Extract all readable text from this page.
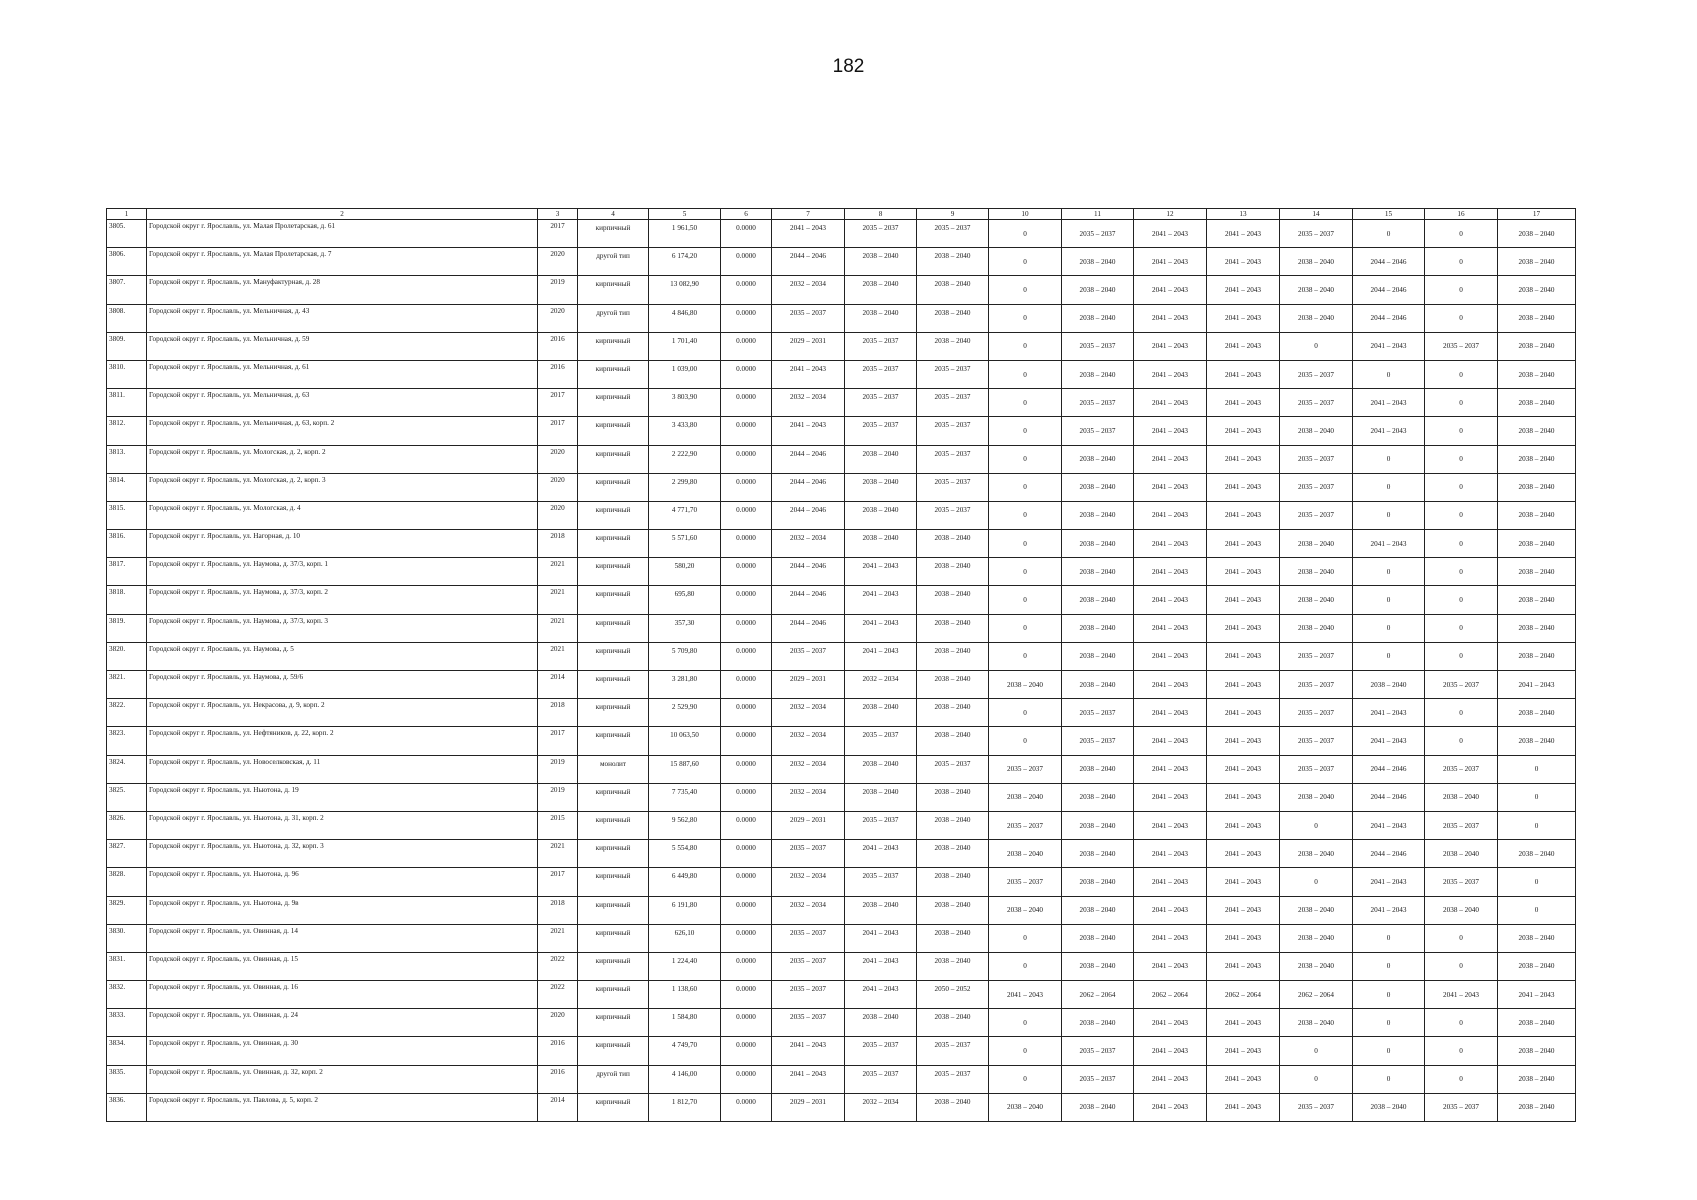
182
1	2	3	4	5	6	7	8	9	10	11	12	13	14	15	16	17
3805.	Городской округ г. Ярославль, ул. Малая Пролетарская, д. 61	2017	кирпичный	1 961,50	0.0000	2041 – 2043	2035 – 2037	2035 – 2037	0	2035 – 2037	2041 – 2043	2041 – 2043	2035 – 2037	0	0	2038 – 2040
3806.	Городской округ г. Ярославль, ул. Малая Пролетарская, д. 7	2020	другой тип	6 174,20	0.0000	2044 – 2046	2038 – 2040	2038 – 2040	0	2038 – 2040	2041 – 2043	2041 – 2043	2038 – 2040	2044 – 2046	0	2038 – 2040
3807.	Городской округ г. Ярославль, ул. Мануфактурная, д. 28	2019	кирпичный	13 082,90	0.0000	2032 – 2034	2038 – 2040	2038 – 2040	0	2038 – 2040	2041 – 2043	2041 – 2043	2038 – 2040	2044 – 2046	0	2038 – 2040
3808.	Городской округ г. Ярославль, ул. Мельничная, д. 43	2020	другой тип	4 846,80	0.0000	2035 – 2037	2038 – 2040	2038 – 2040	0	2038 – 2040	2041 – 2043	2041 – 2043	2038 – 2040	2044 – 2046	0	2038 – 2040
3809.	Городской округ г. Ярославль, ул. Мельничная, д. 59	2016	кирпичный	1 701,40	0.0000	2029 – 2031	2035 – 2037	2038 – 2040	0	2035 – 2037	2041 – 2043	2041 – 2043	0	2041 – 2043	2035 – 2037	2038 – 2040
3810.	Городской округ г. Ярославль, ул. Мельничная, д. 61	2016	кирпичный	1 039,00	0.0000	2041 – 2043	2035 – 2037	2035 – 2037	0	2038 – 2040	2041 – 2043	2041 – 2043	2035 – 2037	0	0	2038 – 2040
3811.	Городской округ г. Ярославль, ул. Мельничная, д. 63	2017	кирпичный	3 803,90	0.0000	2032 – 2034	2035 – 2037	2035 – 2037	0	2035 – 2037	2041 – 2043	2041 – 2043	2035 – 2037	2041 – 2043	0	2038 – 2040
3812.	Городской округ г. Ярославль, ул. Мельничная, д. 63, корп. 2	2017	кирпичный	3 433,80	0.0000	2041 – 2043	2035 – 2037	2035 – 2037	0	2035 – 2037	2041 – 2043	2041 – 2043	2038 – 2040	2041 – 2043	0	2038 – 2040
3813.	Городской округ г. Ярославль, ул. Мологская, д. 2, корп. 2	2020	кирпичный	2 222,90	0.0000	2044 – 2046	2038 – 2040	2035 – 2037	0	2038 – 2040	2041 – 2043	2041 – 2043	2035 – 2037	0	0	2038 – 2040
3814.	Городской округ г. Ярославль, ул. Мологская, д. 2, корп. 3	2020	кирпичный	2 299,80	0.0000	2044 – 2046	2038 – 2040	2035 – 2037	0	2038 – 2040	2041 – 2043	2041 – 2043	2035 – 2037	0	0	2038 – 2040
3815.	Городской округ г. Ярославль, ул. Мологская, д. 4	2020	кирпичный	4 771,70	0.0000	2044 – 2046	2038 – 2040	2035 – 2037	0	2038 – 2040	2041 – 2043	2041 – 2043	2035 – 2037	0	0	2038 – 2040
3816.	Городской округ г. Ярославль, ул. Нагорная, д. 10	2018	кирпичный	5 571,60	0.0000	2032 – 2034	2038 – 2040	2038 – 2040	0	2038 – 2040	2041 – 2043	2041 – 2043	2038 – 2040	2041 – 2043	0	2038 – 2040
3817.	Городской округ г. Ярославль, ул. Наумова, д. 37/3, корп. 1	2021	кирпичный	580,20	0.0000	2044 – 2046	2041 – 2043	2038 – 2040	0	2038 – 2040	2041 – 2043	2041 – 2043	2038 – 2040	0	0	2038 – 2040
3818.	Городской округ г. Ярославль, ул. Наумова, д. 37/3, корп. 2	2021	кирпичный	695,80	0.0000	2044 – 2046	2041 – 2043	2038 – 2040	0	2038 – 2040	2041 – 2043	2041 – 2043	2038 – 2040	0	0	2038 – 2040
3819.	Городской округ г. Ярославль, ул. Наумова, д. 37/3, корп. 3	2021	кирпичный	357,30	0.0000	2044 – 2046	2041 – 2043	2038 – 2040	0	2038 – 2040	2041 – 2043	2041 – 2043	2038 – 2040	0	0	2038 – 2040
3820.	Городской округ г. Ярославль, ул. Наумова, д. 5	2021	кирпичный	5 709,80	0.0000	2035 – 2037	2041 – 2043	2038 – 2040	0	2038 – 2040	2041 – 2043	2041 – 2043	2035 – 2037	0	0	2038 – 2040
3821.	Городской округ г. Ярославль, ул. Наумова, д. 59/6	2014	кирпичный	3 281,80	0.0000	2029 – 2031	2032 – 2034	2038 – 2040	2038 – 2040	2038 – 2040	2041 – 2043	2041 – 2043	2035 – 2037	2038 – 2040	2035 – 2037	2041 – 2043
3822.	Городской округ г. Ярославль, ул. Некрасова, д. 9, корп. 2	2018	кирпичный	2 529,90	0.0000	2032 – 2034	2038 – 2040	2038 – 2040	0	2035 – 2037	2041 – 2043	2041 – 2043	2035 – 2037	2041 – 2043	0	2038 – 2040
3823.	Городской округ г. Ярославль, ул. Нефтяников, д. 22, корп. 2	2017	кирпичный	10 063,50	0.0000	2032 – 2034	2035 – 2037	2038 – 2040	0	2035 – 2037	2041 – 2043	2041 – 2043	2035 – 2037	2041 – 2043	0	2038 – 2040
3824.	Городской округ г. Ярославль, ул. Новоселковская, д. 11	2019	монолит	15 887,60	0.0000	2032 – 2034	2038 – 2040	2035 – 2037	2035 – 2037	2038 – 2040	2041 – 2043	2041 – 2043	2035 – 2037	2044 – 2046	2035 – 2037	0
3825.	Городской округ г. Ярославль, ул. Ньютона, д. 19	2019	кирпичный	7 735,40	0.0000	2032 – 2034	2038 – 2040	2038 – 2040	2038 – 2040	2038 – 2040	2041 – 2043	2041 – 2043	2038 – 2040	2044 – 2046	2038 – 2040	0
3826.	Городской округ г. Ярославль, ул. Ньютона, д. 31, корп. 2	2015	кирпичный	9 562,80	0.0000	2029 – 2031	2035 – 2037	2038 – 2040	2035 – 2037	2038 – 2040	2041 – 2043	2041 – 2043	0	2041 – 2043	2035 – 2037	0
3827.	Городской округ г. Ярославль, ул. Ньютона, д. 32, корп. 3	2021	кирпичный	5 554,80	0.0000	2035 – 2037	2041 – 2043	2038 – 2040	2038 – 2040	2038 – 2040	2041 – 2043	2041 – 2043	2038 – 2040	2044 – 2046	2038 – 2040	2038 – 2040
3828.	Городской округ г. Ярославль, ул. Ньютона, д. 96	2017	кирпичный	6 449,80	0.0000	2032 – 2034	2035 – 2037	2038 – 2040	2035 – 2037	2038 – 2040	2041 – 2043	2041 – 2043	0	2041 – 2043	2035 – 2037	0
3829.	Городской округ г. Ярославль, ул. Ньютона, д. 9в	2018	кирпичный	6 191,80	0.0000	2032 – 2034	2038 – 2040	2038 – 2040	2038 – 2040	2038 – 2040	2041 – 2043	2041 – 2043	2038 – 2040	2041 – 2043	2038 – 2040	0
3830.	Городской округ г. Ярославль, ул. Овинная, д. 14	2021	кирпичный	626,10	0.0000	2035 – 2037	2041 – 2043	2038 – 2040	0	2038 – 2040	2041 – 2043	2041 – 2043	2038 – 2040	0	0	2038 – 2040
3831.	Городской округ г. Ярославль, ул. Овинная, д. 15	2022	кирпичный	1 224,40	0.0000	2035 – 2037	2041 – 2043	2038 – 2040	0	2038 – 2040	2041 – 2043	2041 – 2043	2038 – 2040	0	0	2038 – 2040
3832.	Городской округ г. Ярославль, ул. Овинная, д. 16	2022	кирпичный	1 138,60	0.0000	2035 – 2037	2041 – 2043	2050 – 2052	2041 – 2043	2062 – 2064	2062 – 2064	2062 – 2064	2062 – 2064	0	2041 – 2043	2041 – 2043
3833.	Городской округ г. Ярославль, ул. Овинная, д. 24	2020	кирпичный	1 584,80	0.0000	2035 – 2037	2038 – 2040	2038 – 2040	0	2038 – 2040	2041 – 2043	2041 – 2043	2038 – 2040	0	0	2038 – 2040
3834.	Городской округ г. Ярославль, ул. Овинная, д. 30	2016	кирпичный	4 749,70	0.0000	2041 – 2043	2035 – 2037	2035 – 2037	0	2035 – 2037	2041 – 2043	2041 – 2043	0	0	0	2038 – 2040
3835.	Городской округ г. Ярославль, ул. Овинная, д. 32, корп. 2	2016	другой тип	4 146,00	0.0000	2041 – 2043	2035 – 2037	2035 – 2037	0	2035 – 2037	2041 – 2043	2041 – 2043	0	0	0	2038 – 2040
3836.	Городской округ г. Ярославль, ул. Павлова, д. 5, корп. 2	2014	кирпичный	1 812,70	0.0000	2029 – 2031	2032 – 2034	2038 – 2040	2038 – 2040	2038 – 2040	2041 – 2043	2041 – 2043	2035 – 2037	2038 – 2040	2035 – 2037	2038 – 2040
